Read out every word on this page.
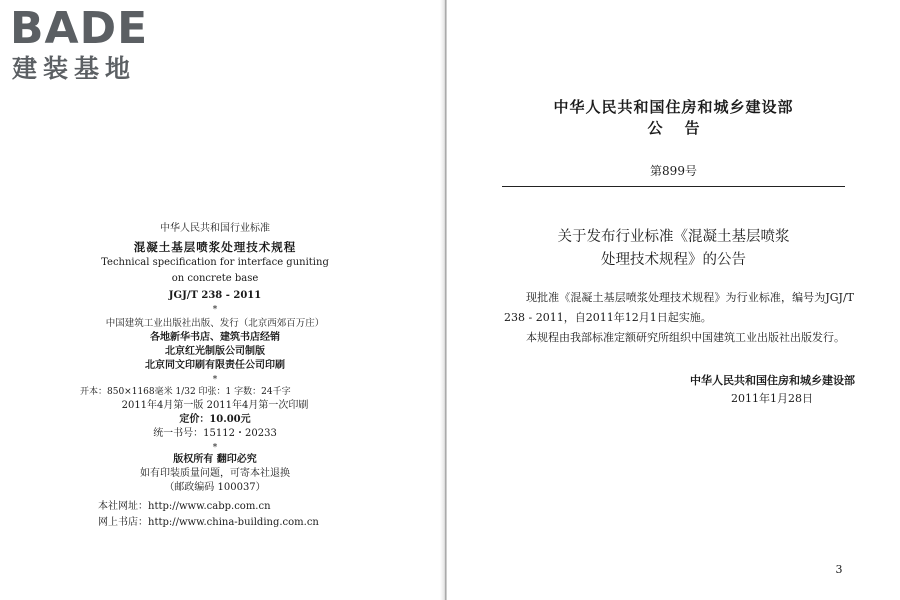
BADE
建装基地
中华人民共和国行业标准
混凝土基层喷浆处理技术规程
Technical specification for interface guniting
on concrete base
JGJ/T 238 - 2011
*
中国建筑工业出版社出版、发行（北京西郊百万庄）
各地新华书店、建筑书店经销
北京红光制版公司制版
北京同文印刷有限责任公司印刷
*
开本：850×1168毫米 1/32 印张：1 字数：24千字
2011年4月第一版 2011年4月第一次印刷
定价：10.00元
统一书号：15112・20233
*
版权所有 翻印必究
如有印装质量问题，可寄本社退换
（邮政编码 100037）
本社网址：http://www.cabp.com.cn
网上书店：http://www.china-building.com.cn
中华人民共和国住房和城乡建设部
公告
第899号
关于发布行业标准《混凝土基层喷浆
处理技术规程》的公告

现批准《混凝土基层喷浆处理技术规程》为行业标准，编号为JGJ/T 238 - 2011，自2011年12月1日起实施。

本规程由我部标准定额研究所组织中国建筑工业出版社出版发行。

中华人民共和国住房和城乡建设部
2011年1月28日
3
